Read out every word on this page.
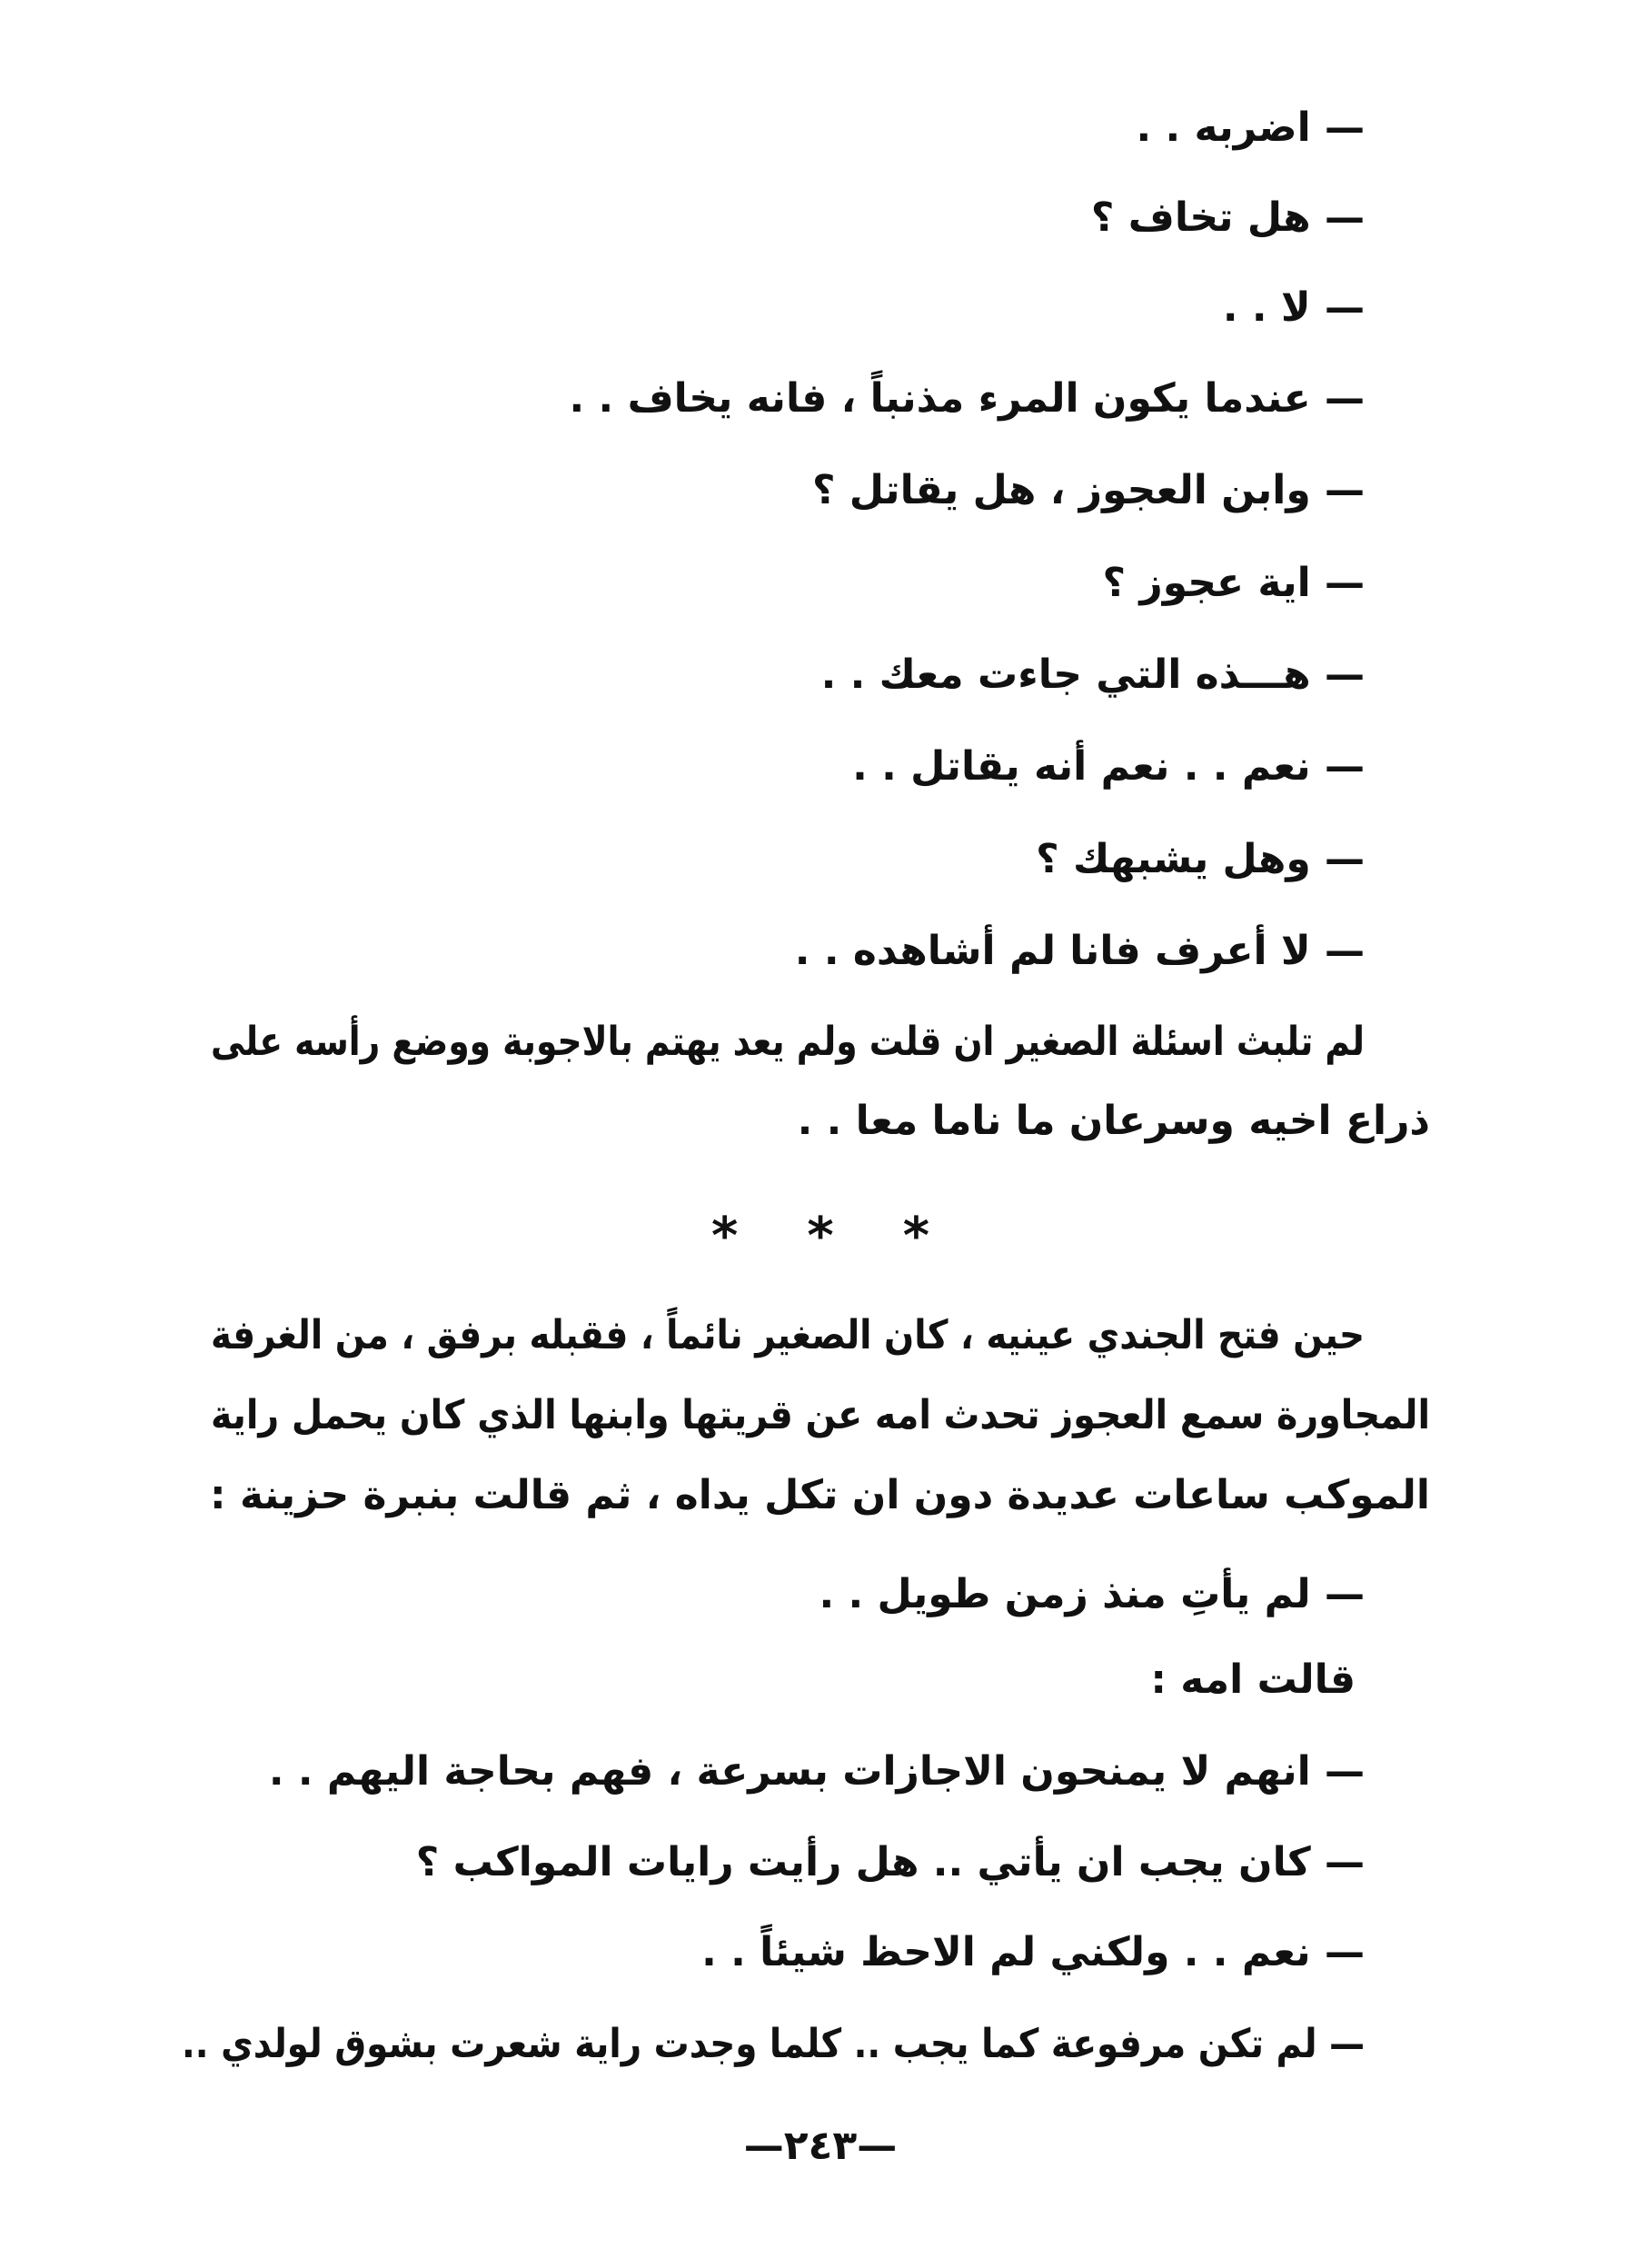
— اضربه . .
— هل تخاف ؟
— لا . .
— عندما يكون المرء مذنباً ، فانه يخاف . .
— وابن العجوز ، هل يقاتل ؟
— اية عجوز ؟
— هـــذه التي جاءت معك . .
— نعم . . نعم أنه يقاتل . .
— وهل يشبهك ؟
— لا أعرف فانا لم أشاهده . .
لم تلبث اسئلة الصغير ان قلت ولم يعد يهتم بالاجوبة ووضع رأسه على
ذراع اخيه وسرعان ما ناما معا . .
* * *
حين فتح الجندي عينيه ، كان الصغير نائماً ، فقبله برفق ، من الغرفة
المجاورة سمع العجوز تحدث امه عن قريتها وابنها الذي كان يحمل راية
الموكب ساعات عديدة دون ان تكل يداه ، ثم قالت بنبرة حزينة :
— لم يأتِ منذ زمن طويل . .
قالت امه :
— انهم لا يمنحون الاجازات بسرعة ، فهم بحاجة اليهم . .
— كان يجب ان يأتي .. هل رأيت رايات المواكب ؟
— نعم . . ولكني لم الاحظ شيئاً . .
— لم تكن مرفوعة كما يجب .. كلما وجدت راية شعرت بشوق لولدي ..
—٢٤٣—
